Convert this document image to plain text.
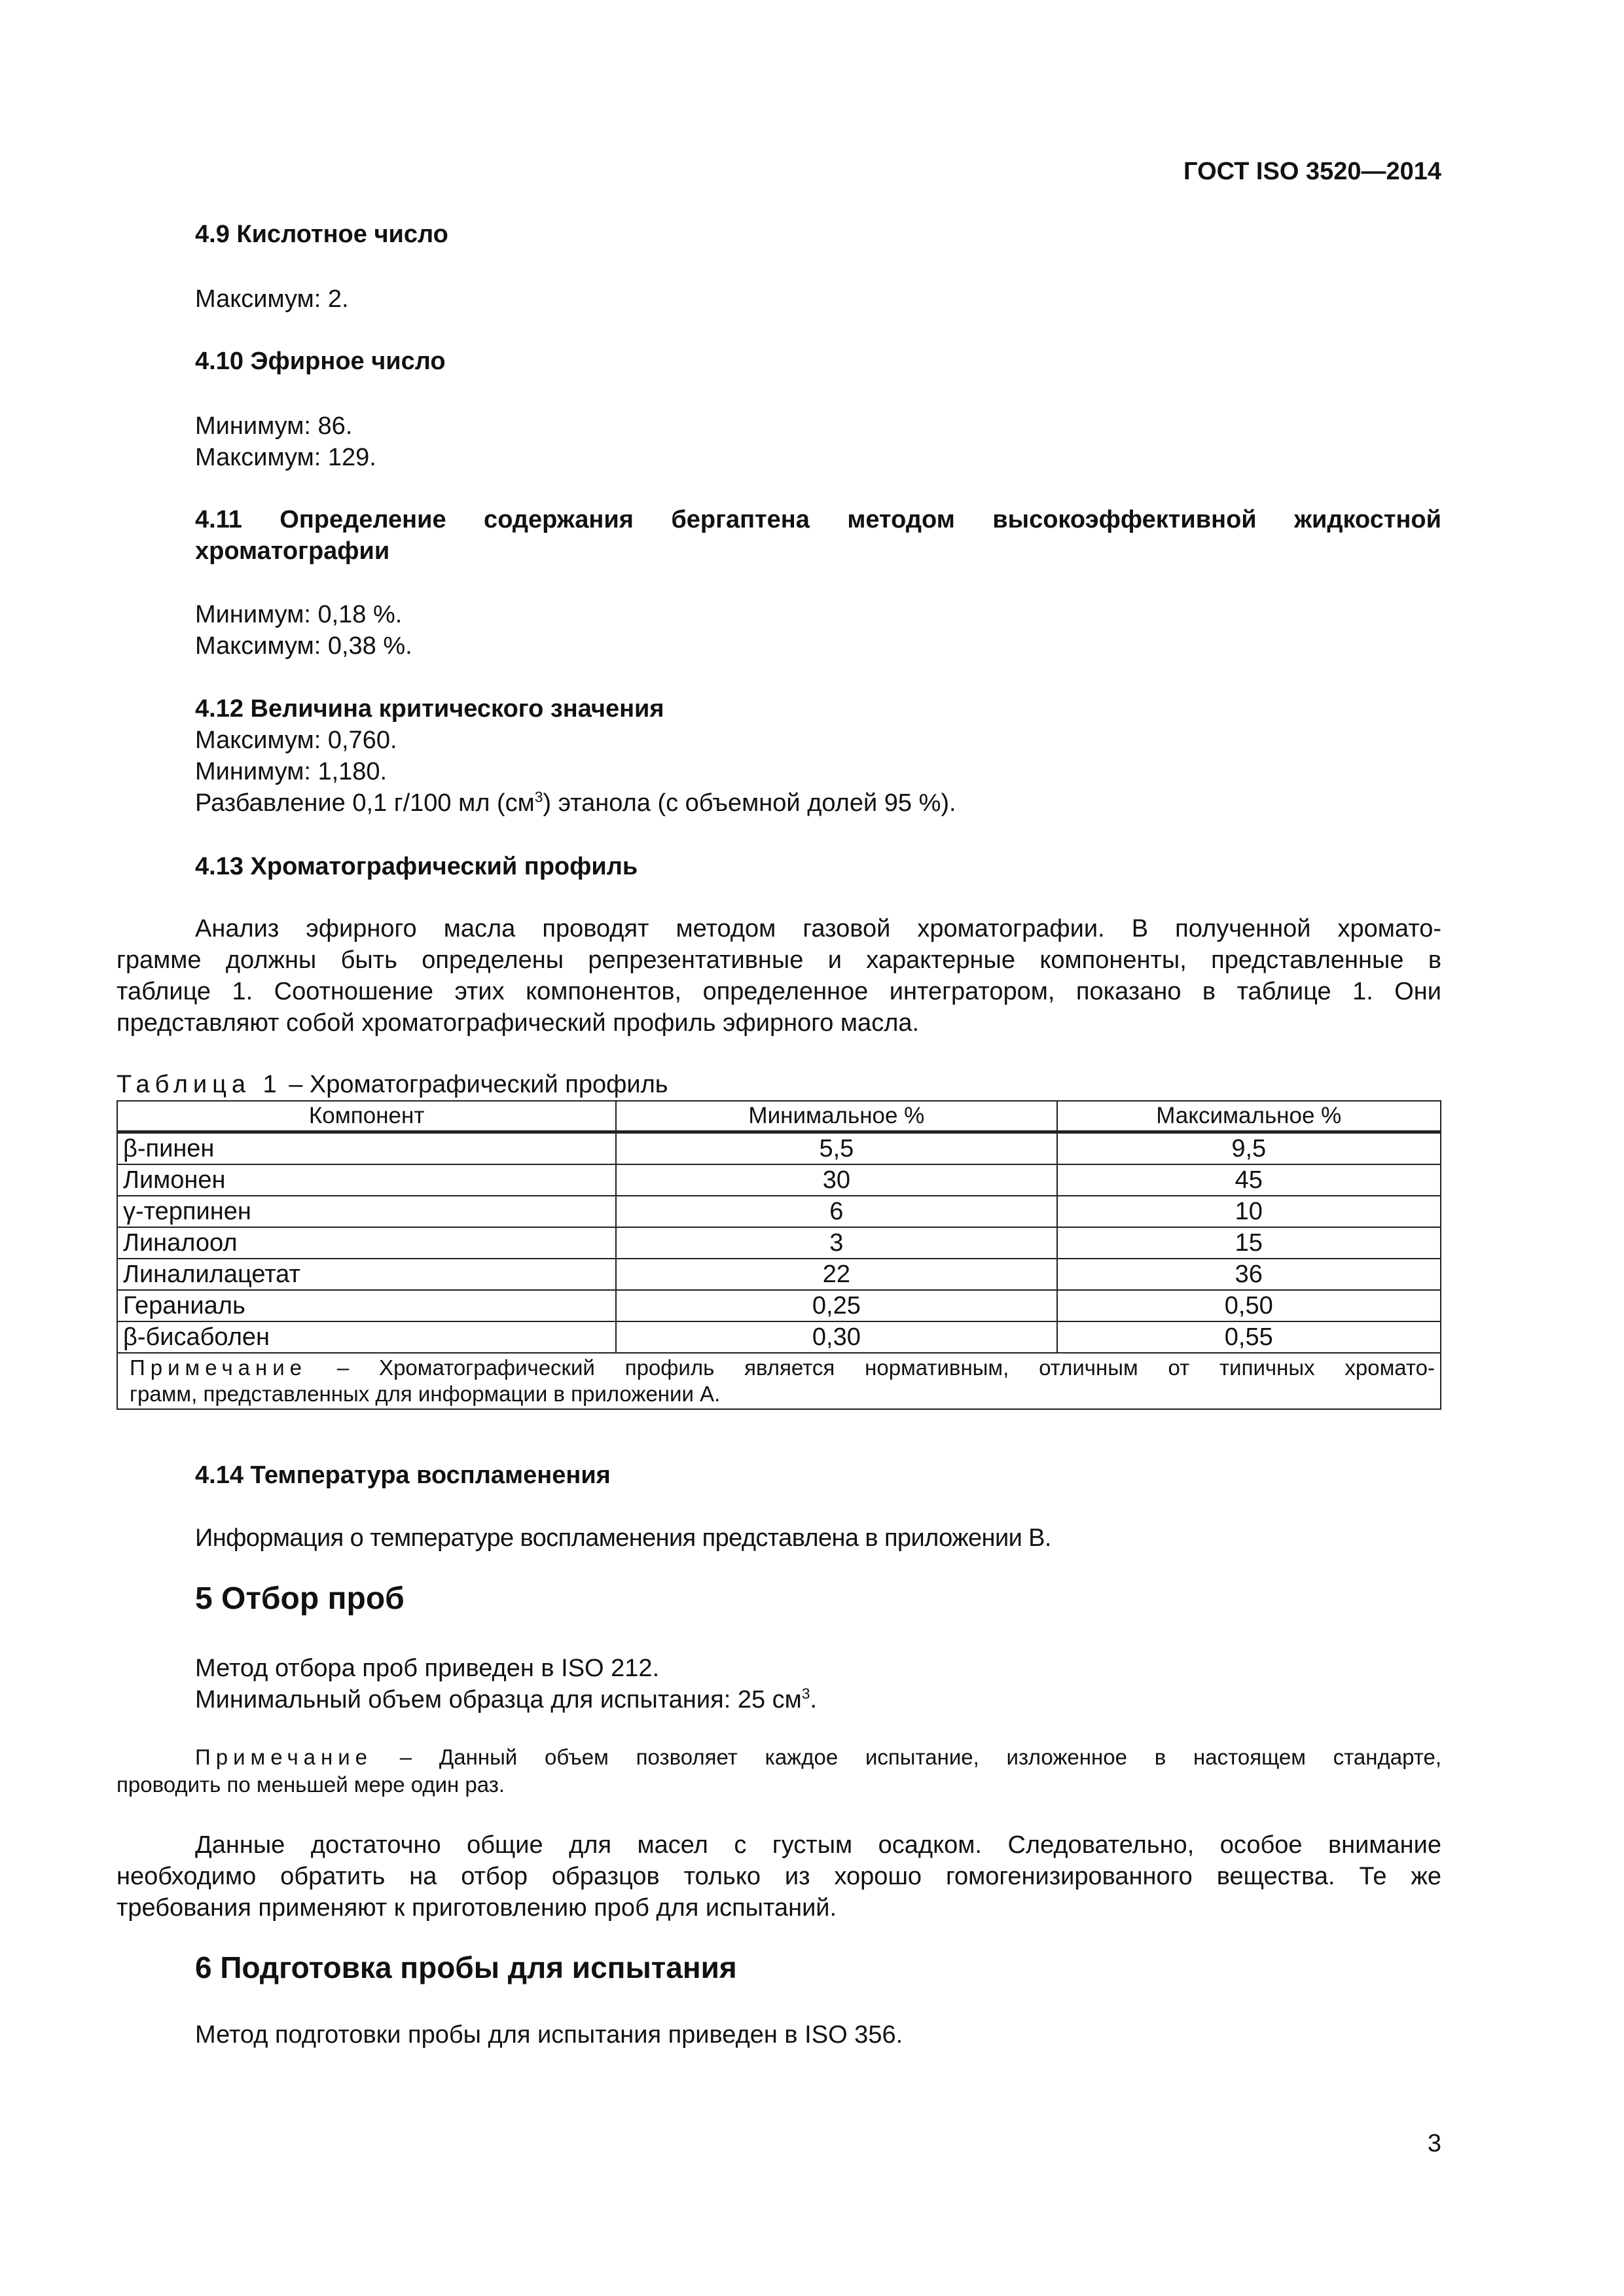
ГОСТ ISO 3520—2014
4.9 Кислотное число
Максимум: 2.
4.10 Эфирное число
Минимум: 86.
Максимум: 129.
4.11 Определение содержания бергаптена методом высокоэффективной жидкостной
хроматографии
Минимум: 0,18 %.
Максимум: 0,38 %.
4.12 Величина критического значения
Максимум: 0,760.
Минимум: 1,180.
Разбавление 0,1 г/100 мл $(см^3)$ этанола (с объемной долей 95 %).
4.13 Хроматографический профиль
Анализ эфирного масла проводят методом газовой хроматографии. В полученной хромато-
грамме должны быть определены репрезентативные и характерные компоненты, представленные в
таблице 1. Соотношение этих компонентов, определенное интегратором, показано в таблице 1. Они
представляют собой хроматографический профиль эфирного масла.
Таблица 1 – Хроматографический профиль
Компонент	Минимальное %	Максимальное %
β-пинен	5,5	9,5
Лимонен	30	45
γ-терпинен	6	10
Линалоол	3	15
Линалилацетат	22	36
Гераниаль	0,25	0,50
β-бисаболен	0,30	0,55

Примечание – Хроматографический профиль является нормативным, отличным от типичных хромато-
грамм, представленных для информации в приложении А.		
4.14 Температура воспламенения
Информация о температуре воспламенения представлена в приложении В.
5 Отбор проб
Метод отбора проб приведен в ISO 212.
Минимальный объем образца для испытания: 25 $см^3$.
Примечание – Данный объем позволяет каждое испытание, изложенное в настоящем стандарте,
проводить по меньшей мере один раз.
Данные достаточно общие для масел с густым осадком. Следовательно, особое внимание
необходимо обратить на отбор образцов только из хорошо гомогенизированного вещества. Те же
требования применяют к приготовлению проб для испытаний.
6 Подготовка пробы для испытания
Метод подготовки пробы для испытания приведен в ISO 356.
3
